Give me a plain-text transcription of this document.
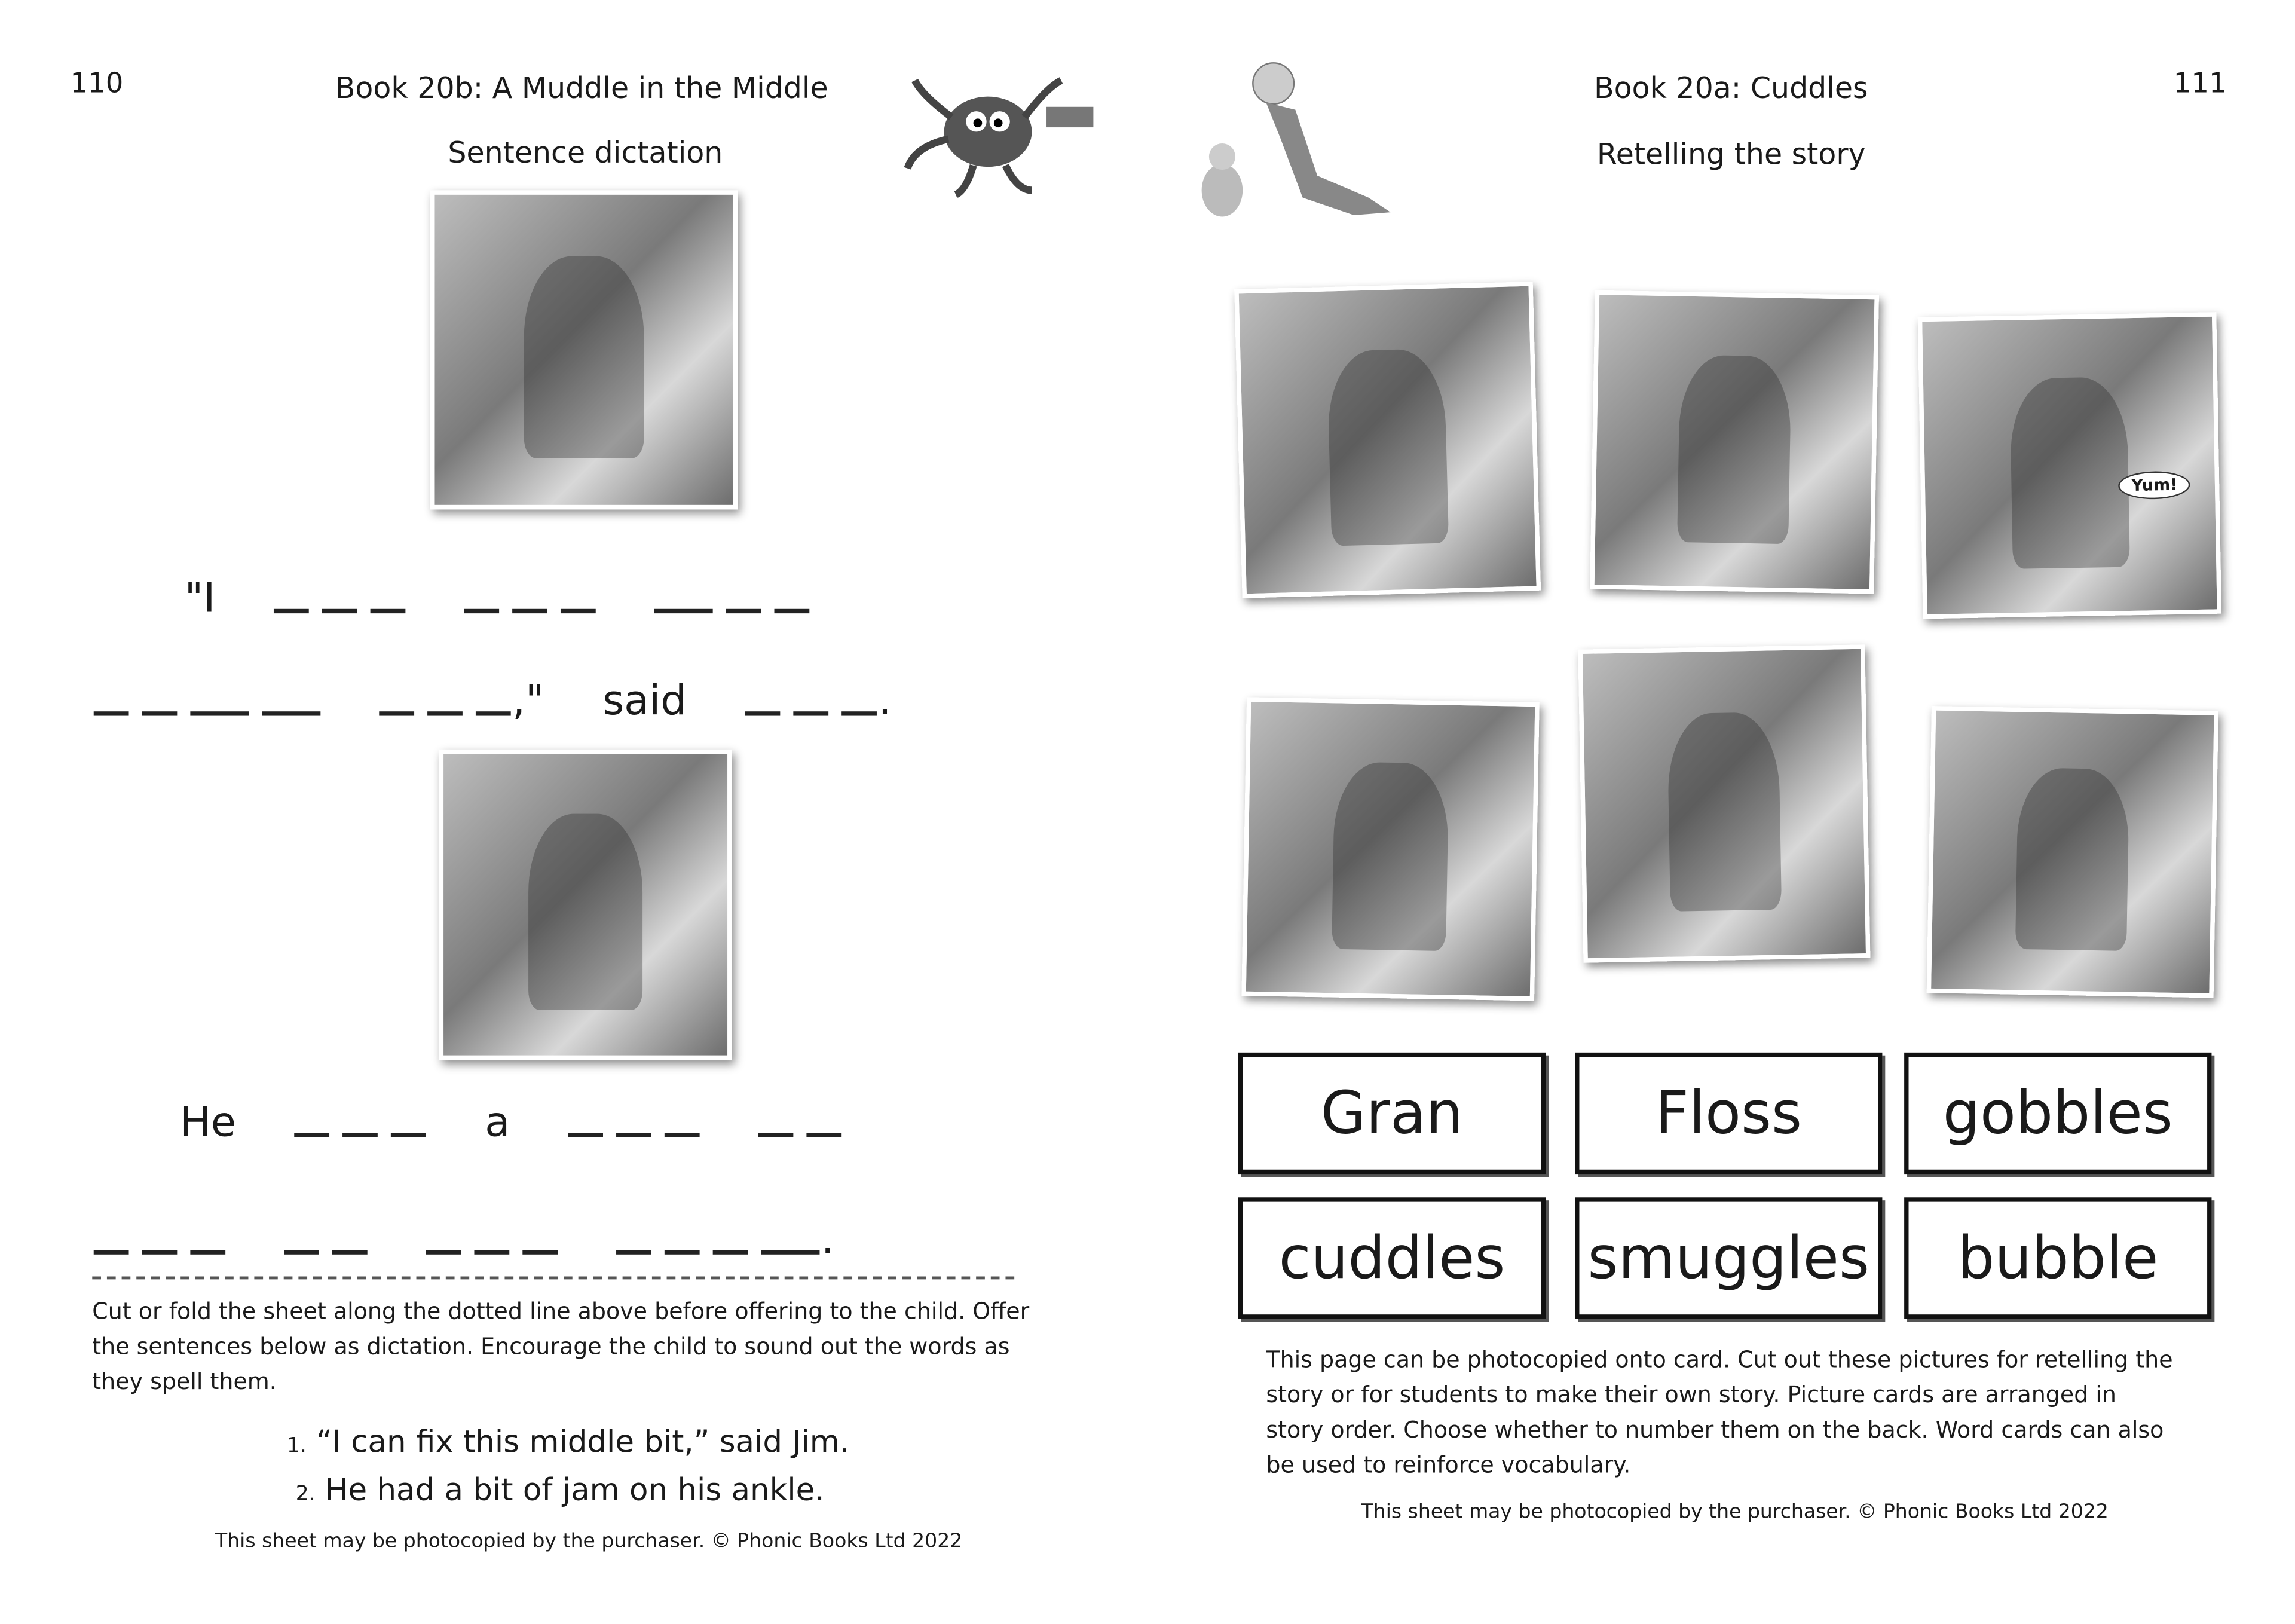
110	Book 20b: A Muddle in the Middle
Sentence dictation
"I
,"	said	.
He	a
.
Cut or fold the sheet along the dotted line above before offering to the child. Offer the sentences below as dictation. Encourage the child to sound out the words as they spell them.
1. “I can fix this middle bit,” said Jim.
2. He had a bit of jam on his ankle.
This sheet may be photocopied by the purchaser. © Phonic Books Ltd 2022
Book 20a: Cuddles
Retelling the story
111
Yum!
Gran	Floss	gobbles
cuddles	smuggles	bubble
This page can be photocopied onto card. Cut out these pictures for retelling the story or for students to make their own story. Picture cards are arranged in story order. Choose whether to number them on the back. Word cards can also be used to reinforce vocabulary.
This sheet may be photocopied by the purchaser. © Phonic Books Ltd 2022
